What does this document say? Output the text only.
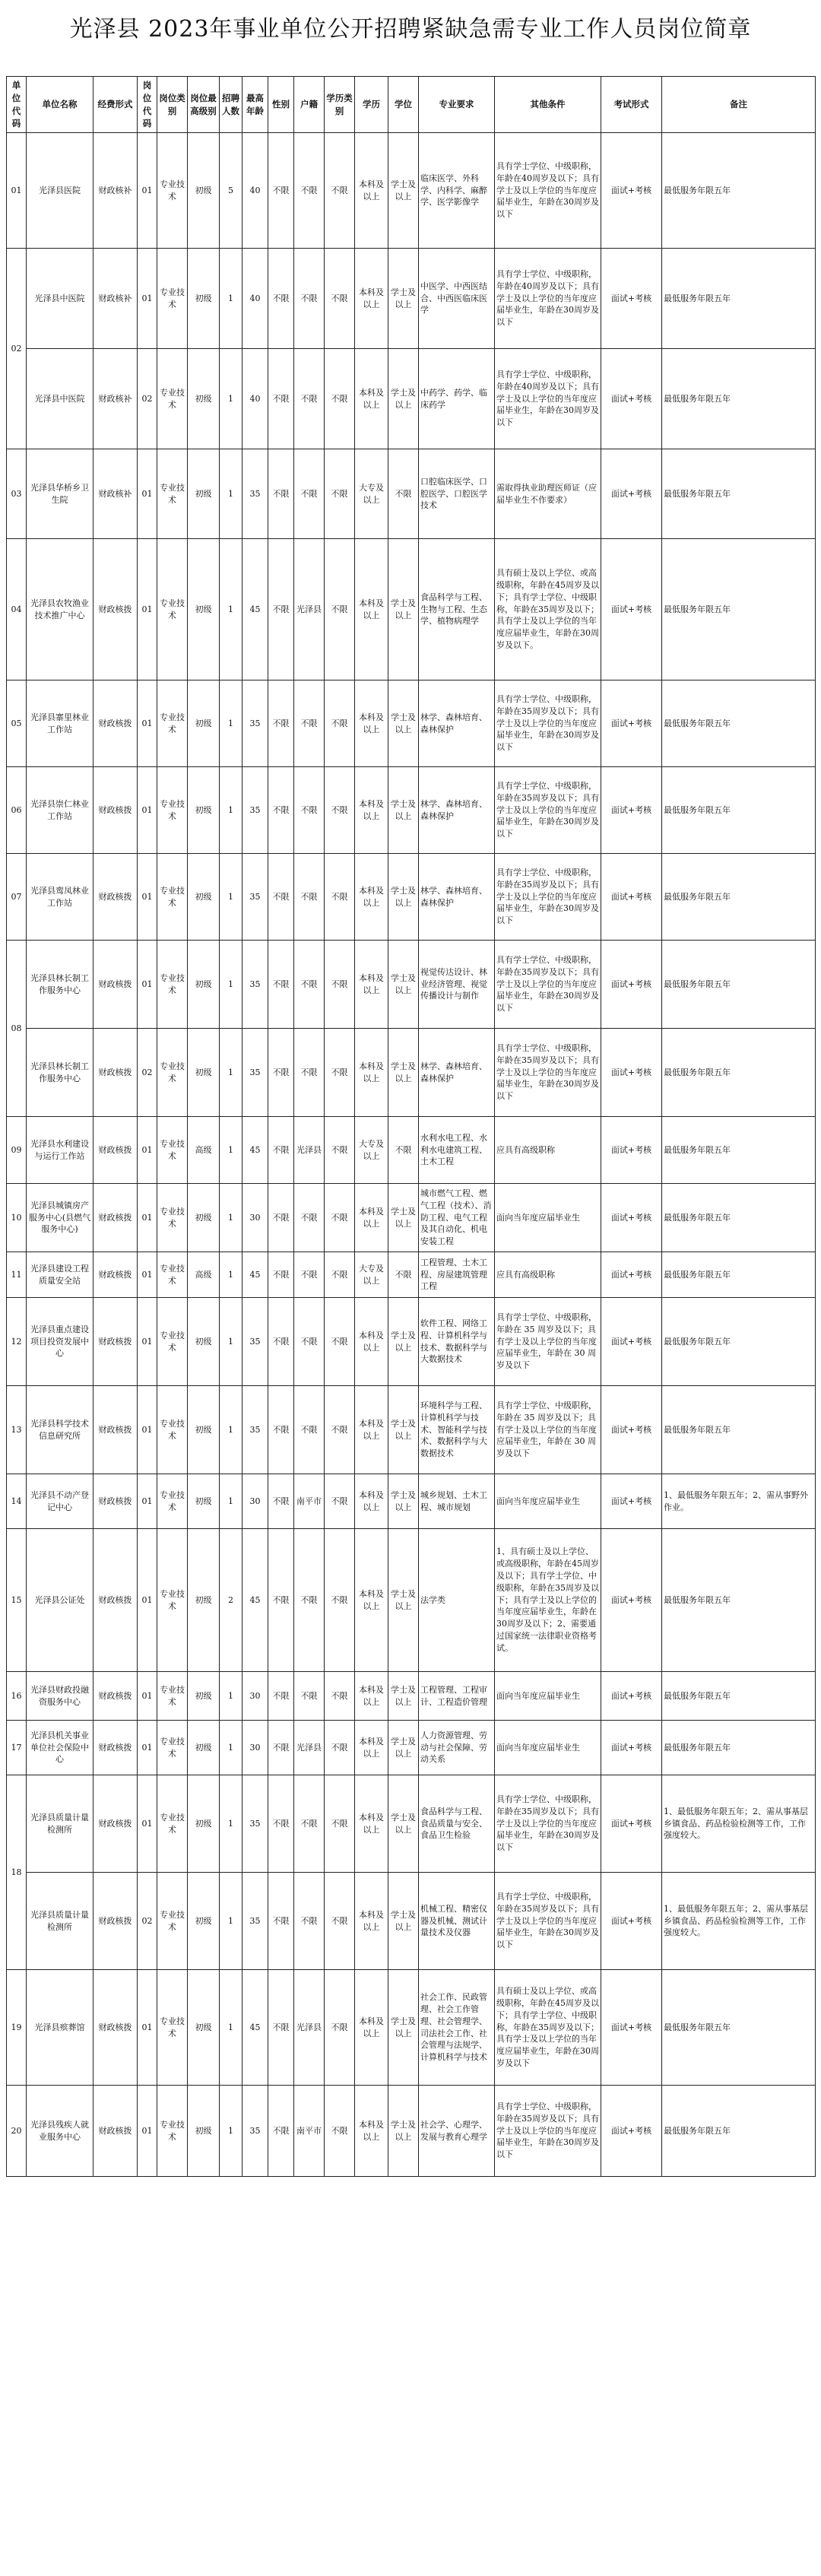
光泽县 2023年事业单位公开招聘紧缺急需专业工作人员岗位简章
单位代码	单位名称	经费形式	岗位代码	岗位类别	岗位最高级别	招聘人数	最高年龄	性别	户籍	学历类别	学历	学位	专业要求	其他条件	考试形式	备注
01	光泽县医院	财政核补	01	专业技术	初级	5	40	不限	不限	不限	本科及以上	学士及以上	临床医学、外科学、内科学、麻醉学、医学影像学	具有学士学位、中级职称，年龄在40周岁及以下；具有学士及以上学位的当年度应届毕业生，年龄在30周岁及以下	面试+考核	最低服务年限五年
02	光泽县中医院	财政核补	01	专业技术	初级	1	40	不限	不限	不限	本科及以上	学士及以上	中医学、中西医结合、中西医临床医学	具有学士学位、中级职称，年龄在40周岁及以下；具有学士及以上学位的当年度应届毕业生，年龄在30周岁及以下	面试+考核	最低服务年限五年
	光泽县中医院	财政核补	02	专业技术	初级	1	40	不限	不限	不限	本科及以上	学士及以上	中药学、药学、临床药学	具有学士学位、中级职称，年龄在40周岁及以下；具有学士及以上学位的当年度应届毕业生，年龄在30周岁及以下	面试+考核	最低服务年限五年
03	光泽县华桥乡卫生院	财政核补	01	专业技术	初级	1	35	不限	不限	不限	大专及以上	不限	口腔临床医学、口腔医学、口腔医学技术	需取得执业助理医师证（应届毕业生不作要求）	面试+考核	最低服务年限五年
04	光泽县农牧渔业技术推广中心	财政核拨	01	专业技术	初级	1	45	不限	光泽县	不限	本科及以上	学士及以上	食品科学与工程、生物与工程、生态学、植物病理学	具有硕士及以上学位、或高级职称，年龄在45周岁及以下；具有学士学位、中级职称，年龄在35周岁及以下；具有学士及以上学位的当年度应届毕业生，年龄在30周岁及以下。	面试+考核	最低服务年限五年
05	光泽县寨里林业工作站	财政核拨	01	专业技术	初级	1	35	不限	不限	不限	本科及以上	学士及以上	林学、森林培育、森林保护	具有学士学位、中级职称，年龄在35周岁及以下；具有学士及以上学位的当年度应届毕业生，年龄在30周岁及以下	面试+考核	最低服务年限五年
06	光泽县崇仁林业工作站	财政核拨	01	专业技术	初级	1	35	不限	不限	不限	本科及以上	学士及以上	林学、森林培育、森林保护	具有学士学位、中级职称，年龄在35周岁及以下；具有学士及以上学位的当年度应届毕业生，年龄在30周岁及以下	面试+考核	最低服务年限五年
07	光泽县鸾凤林业工作站	财政核拨	01	专业技术	初级	1	35	不限	不限	不限	本科及以上	学士及以上	林学、森林培育、森林保护	具有学士学位、中级职称，年龄在35周岁及以下；具有学士及以上学位的当年度应届毕业生，年龄在30周岁及以下	面试+考核	最低服务年限五年
08	光泽县林长制工作服务中心	财政核拨	01	专业技术	初级	1	35	不限	不限	不限	本科及以上	学士及以上	视觉传达设计、林业经济管理、视觉传播设计与制作	具有学士学位、中级职称，年龄在35周岁及以下；具有学士及以上学位的当年度应届毕业生，年龄在30周岁及以下	面试+考核	最低服务年限五年
	光泽县林长制工作服务中心	财政核拨	02	专业技术	初级	1	35	不限	不限	不限	本科及以上	学士及以上	林学、森林培育、森林保护	具有学士学位、中级职称，年龄在35周岁及以下；具有学士及以上学位的当年度应届毕业生，年龄在30周岁及以下	面试+考核	最低服务年限五年
09	光泽县水利建设与运行工作站	财政核拨	01	专业技术	高级	1	45	不限	光泽县	不限	大专及以上	不限	水利水电工程、水利水电建筑工程、土木工程	应具有高级职称	面试+考核	最低服务年限五年
10	光泽县城镇房产服务中心(县燃气服务中心)	财政核拨	01	专业技术	初级	1	30	不限	不限	不限	本科及以上	学士及以上	城市燃气工程、燃气工程（技术）、消防工程、电气工程及其自动化、机电安装工程	面向当年度应届毕业生	面试+考核	最低服务年限五年
11	光泽县建设工程质量安全站	财政核拨	01	专业技术	高级	1	45	不限	不限	不限	大专及以上	不限	工程管理、土木工程、房屋建筑管理工程	应具有高级职称	面试+考核	最低服务年限五年
12	光泽县重点建设项目投资发展中心	财政核拨	01	专业技术	初级	1	35	不限	不限	不限	本科及以上	学士及以上	软件工程、网络工程、计算机科学与技术、数据科学与大数据技术	具有学士学位、中级职称，年龄在 35 周岁及以下；具有学士及以上学位的当年度应届毕业生，年龄在 30 周岁及以下	面试+考核	最低服务年限五年
13	光泽县科学技术信息研究所	财政核拨	01	专业技术	初级	1	35	不限	不限	不限	本科及以上	学士及以上	环境科学与工程、计算机科学与技术、智能科学与技术、数据科学与大数据技术	具有学士学位、中级职称，年龄在 35 周岁及以下；具有学士及以上学位的当年度应届毕业生，年龄在 30 周岁及以下	面试+考核	最低服务年限五年
14	光泽县不动产登记中心	财政核拨	01	专业技术	初级	1	30	不限	南平市	不限	本科及以上	学士及以上	城乡规划、土木工程、城市规划	面向当年度应届毕业生	面试+考核	1、最低服务年限五年；2、需从事野外作业。
15	光泽县公证处	财政核拨	01	专业技术	初级	2	45	不限	不限	不限	本科及以上	学士及以上	法学类	1、具有硕士及以上学位、或高级职称，年龄在45周岁及以下；具有学士学位、中级职称，年龄在35周岁及以下；具有学士及以上学位的当年度应届毕业生，年龄在30周岁及以下；2、需要通过国家统一法律职业资格考试。	面试+考核	最低服务年限五年
16	光泽县财政投融资服务中心	财政核拨	01	专业技术	初级	1	30	不限	不限	不限	本科及以上	学士及以上	工程管理、工程审计、工程造价管理	面向当年度应届毕业生	面试+考核	最低服务年限五年
17	光泽县机关事业单位社会保险中心	财政核拨	01	专业技术	初级	1	30	不限	光泽县	不限	本科及以上	学士及以上	人力资源管理、劳动与社会保障、劳动关系	面向当年度应届毕业生	面试+考核	最低服务年限五年
18	光泽县质量计量检测所	财政核拨	01	专业技术	初级	1	35	不限	不限	不限	本科及以上	学士及以上	食品科学与工程、食品质量与安全、食品卫生检验	具有学士学位、中级职称，年龄在35周岁及以下；具有学士及以上学位的当年度应届毕业生，年龄在30周岁及以下	面试+考核	1、最低服务年限五年；2、需从事基层乡镇食品、药品检验检测等工作，工作强度较大。
	光泽县质量计量检测所	财政核拨	02	专业技术	初级	1	35	不限	不限	不限	本科及以上	学士及以上	机械工程、精密仪器及机械、测试计量技术及仪器	具有学士学位、中级职称，年龄在35周岁及以下；具有学士及以上学位的当年度应届毕业生，年龄在30周岁及以下	面试+考核	1、最低服务年限五年；2、需从事基层乡镇食品、药品检验检测等工作，工作强度较大。
19	光泽县殡葬馆	财政核拨	01	专业技术	初级	1	45	不限	光泽县	不限	本科及以上	学士及以上	社会工作、民政管理、社会工作管理、社会管理学、司法社会工作、社会管理与法规学、计算机科学与技术	具有硕士及以上学位、或高级职称，年龄在45周岁及以下；具有学士学位、中级职称，年龄在35周岁及以下；具有学士及以上学位的当年度应届毕业生，年龄在30周岁及以下	面试+考核	最低服务年限五年
20	光泽县残疾人就业服务中心	财政核拨	01	专业技术	初级	1	35	不限	南平市	不限	本科及以上	学士及以上	社会学、心理学、发展与教育心理学	具有学士学位、中级职称，年龄在35周岁及以下；具有学士及以上学位的当年度应届毕业生，年龄在30周岁及以下	面试+考核	最低服务年限五年
